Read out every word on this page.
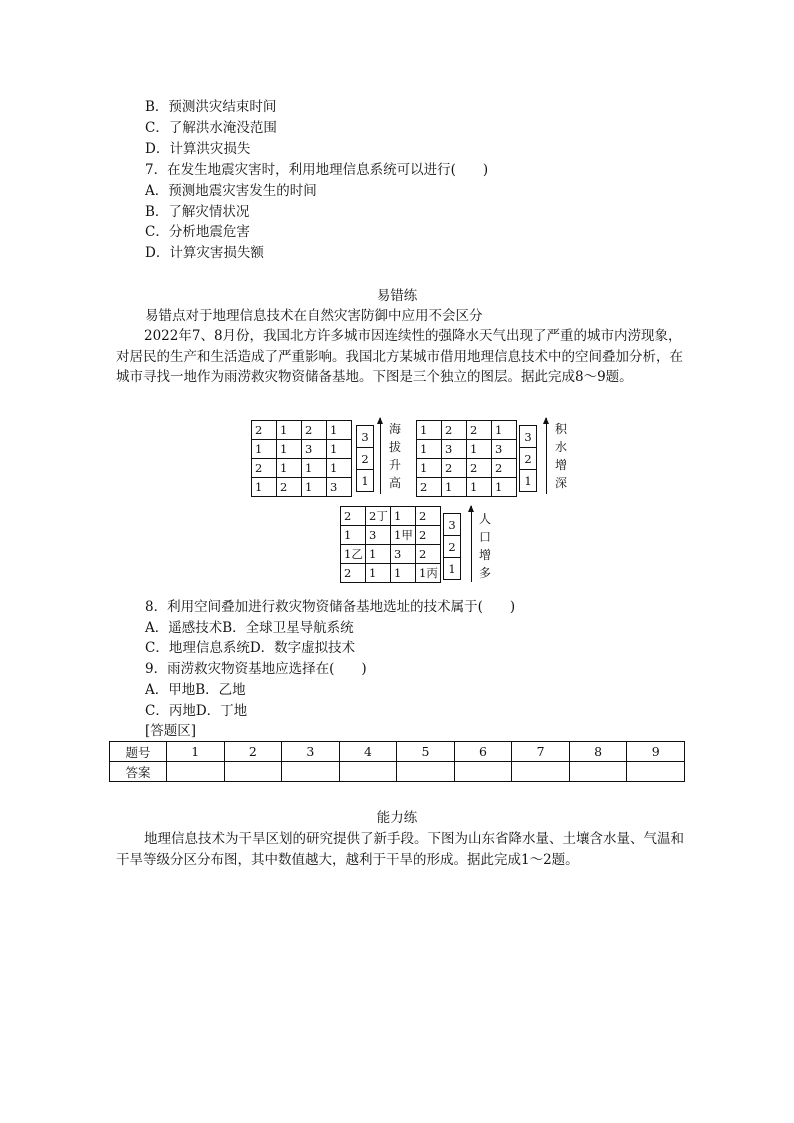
B．预测洪灾结束时间
C．了解洪水淹没范围
D．计算洪灾损失
7．在发生地震灾害时，利用地理信息系统可以进行(　　)
A．预测地震灾害发生的时间
B．了解灾情状况
C．分析地震危害
D．计算灾害损失额
易错练
易错点对于地理信息技术在自然灾害防御中应用不会区分
2022年7、8月份，我国北方许多城市因连续性的强降水天气出现了严重的城市内涝现象，对居民的生产和生活造成了严重影响。我国北方某城市借用地理信息技术中的空间叠加分析，在城市寻找一地作为雨涝救灾物资储备基地。下图是三个独立的图层。据此完成8～9题。
2	1	2	1
1	1	3	1
2	1	1	1
1	2	1	3
3
2
1
海
拔
升
高
1	2	2	1
1	3	1	3
1	2	2	2
2	1	1	1
3
2
1
积
水
增
深
2	2丁	1	2
1	3	1甲	2
1乙	1	3	2
2	1	1	1丙
3
2
1
人
口
增
多
8．利用空间叠加进行救灾物资储备基地选址的技术属于(　　)
A．遥感技术B．全球卫星导航系统
C．地理信息系统D．数字虚拟技术
9．雨涝救灾物资基地应选择在(　　)
A．甲地B．乙地
C．丙地D．丁地
[答题区]
题号	1	2	3	4	5	6	7	8	9
答案									
能力练
地理信息技术为干旱区划的研究提供了新手段。下图为山东省降水量、土壤含水量、气温和干旱等级分区分布图，其中数值越大，越利于干旱的形成。据此完成1～2题。
